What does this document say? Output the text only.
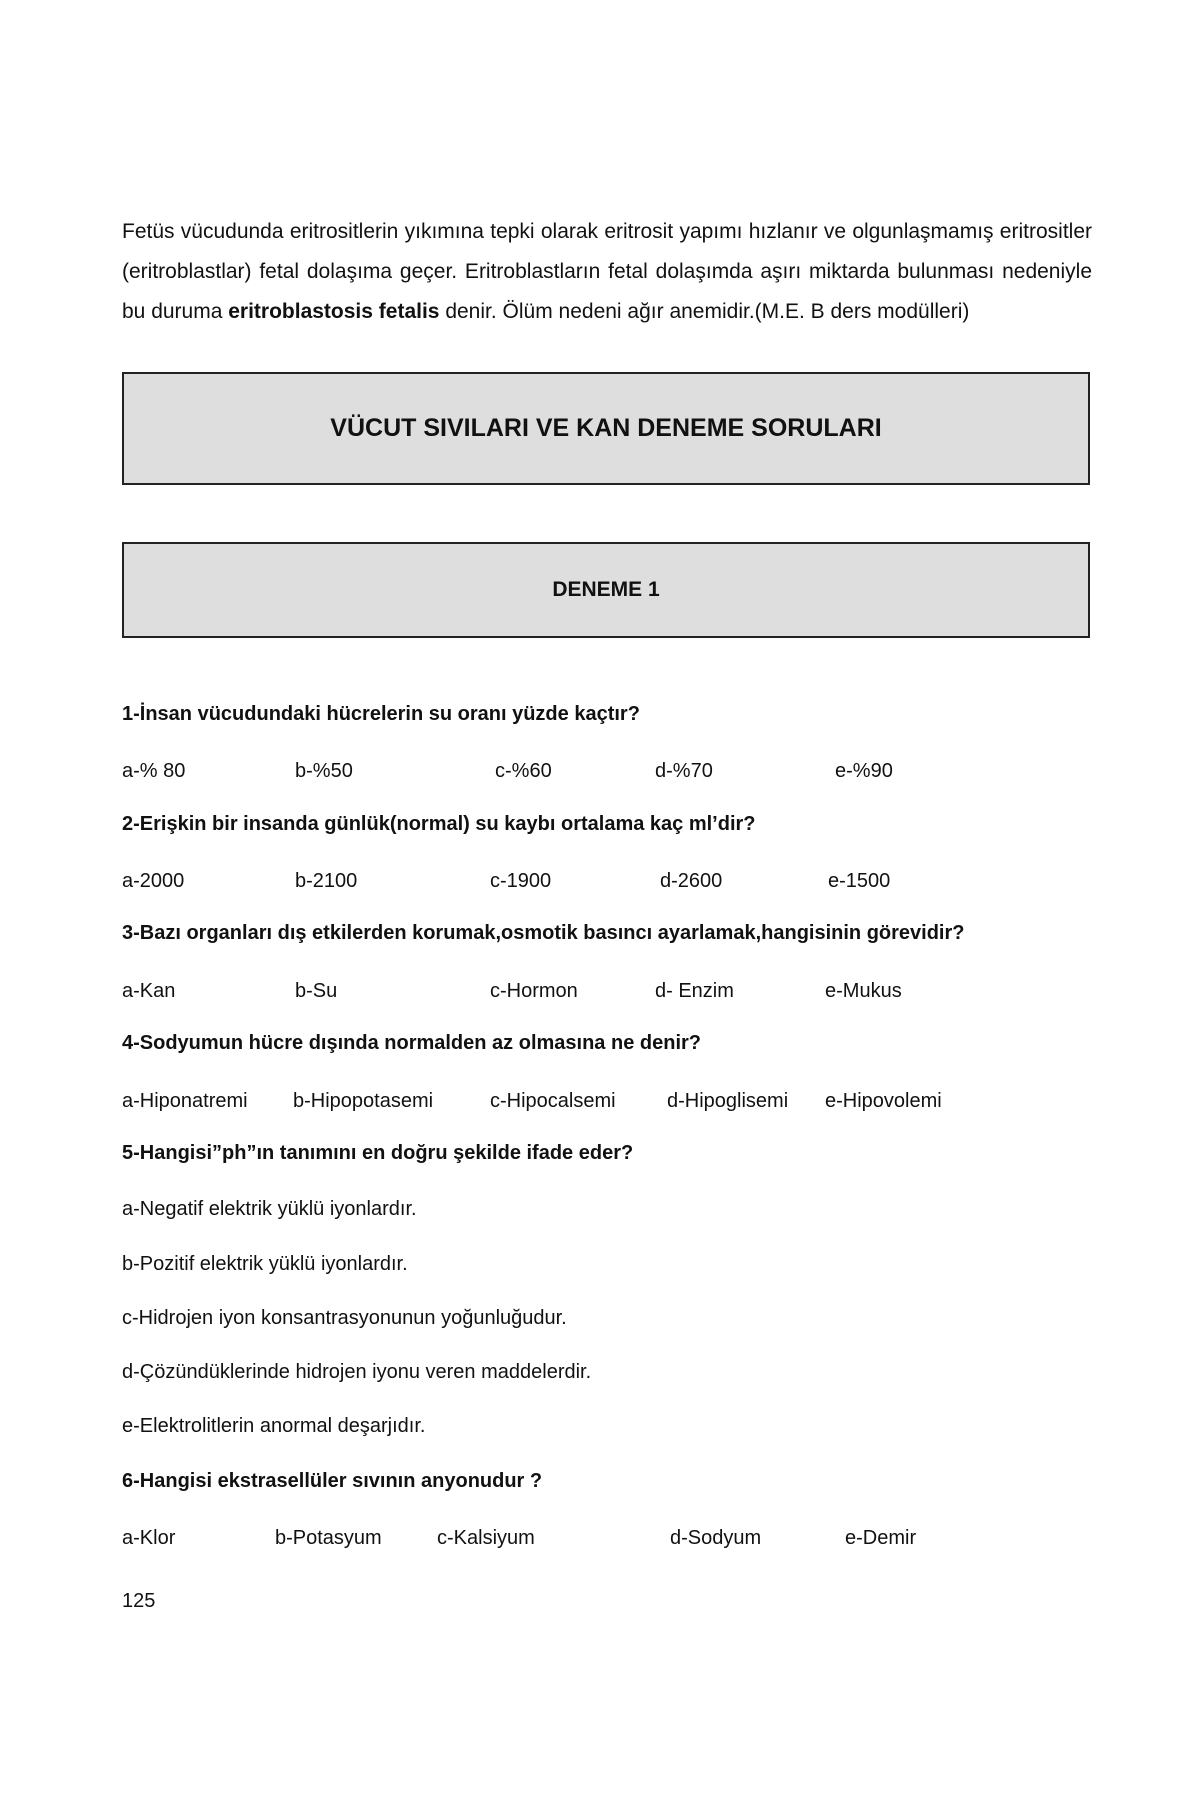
Fetüs vücudunda eritrositlerin yıkımına tepki olarak eritrosit yapımı hızlanır ve olgunlaşmamış eritrositler (eritroblastlar) fetal dolaşıma geçer. Eritroblastların fetal dolaşımda aşırı miktarda bulunması nedeniyle bu duruma eritroblastosis fetalis denir. Ölüm nedeni ağır anemidir.(M.E. B ders modülleri)

VÜCUT SIVILARI VE KAN DENEME SORULARI
DENEME 1

1-İnsan vücudundaki hücrelerin su oranı yüzde kaçtır?

a-% 80	b-%50	c-%60	d-%70	e-%90

2-Erişkin bir insanda günlük(normal) su kaybı ortalama kaç ml’dir?

a-2000	b-2100	c-1900	d-2600	e-1500

3-Bazı organları dış etkilerden korumak,osmotik basıncı ayarlamak,hangisinin görevidir?

a-Kan	b-Su	c-Hormon	d- Enzim	e-Mukus

4-Sodyumun hücre dışında normalden az olmasına ne denir?

a-Hiponatremi b-Hipopotasemi	c-Hipocalsemi	d-Hipoglisemi e-Hipovolemi

5-Hangisi”ph”ın tanımını en doğru şekilde ifade eder?

a-Negatif elektrik yüklü iyonlardır.
b-Pozitif elektrik yüklü iyonlardır.
c-Hidrojen iyon konsantrasyonunun yoğunluğudur.
d-Çözündüklerinde hidrojen iyonu veren maddelerdir.
e-Elektrolitlerin anormal deşarjıdır.

6-Hangisi ekstrasellüler sıvının anyonudur ?

a-Klor	b-Potasyum	c-Kalsiyum	d-Sodyum	e-Demir
125
